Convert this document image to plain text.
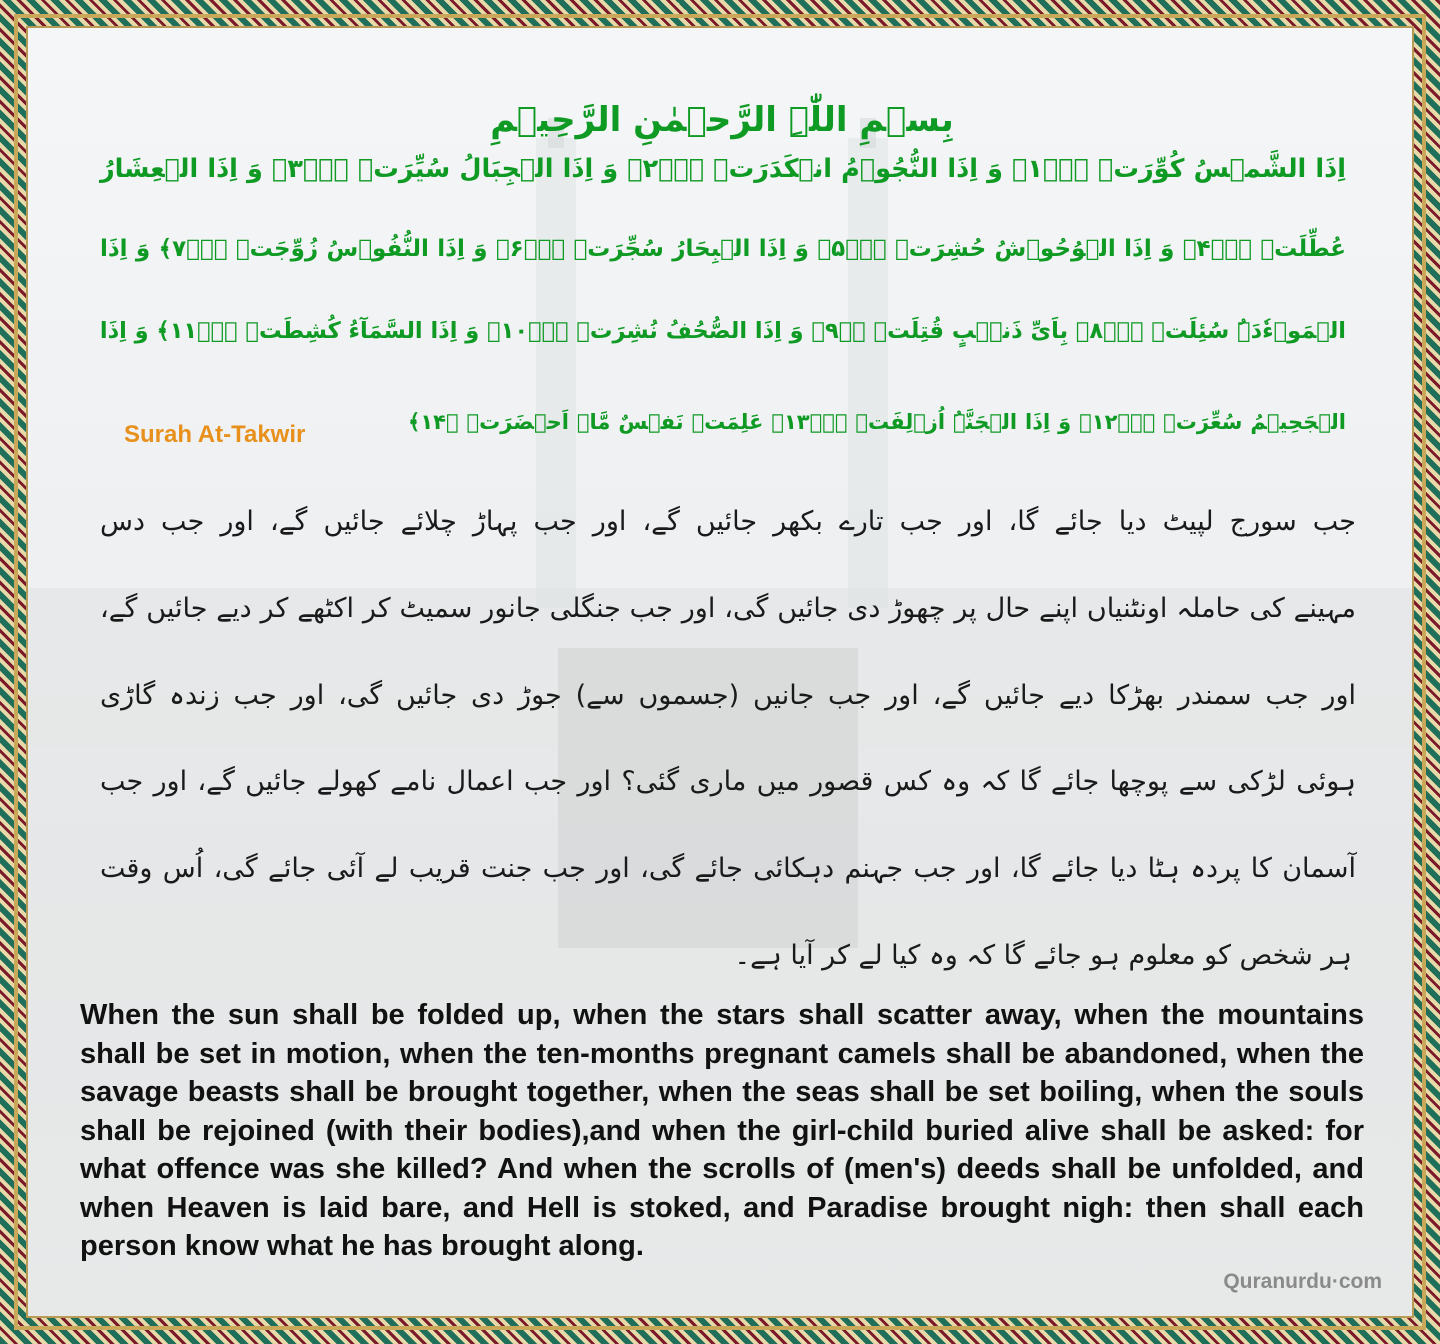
بِسۡمِ اللّٰہِ الرَّحۡمٰنِ الرَّحِیۡمِ
اِذَا الشَّمۡسُ کُوِّرَتۡ ۪ۙ﴿۱﴾ وَ اِذَا النُّجُوۡمُ انۡکَدَرَتۡ ۪ۙ﴿۲﴾ وَ اِذَا الۡجِبَالُ سُیِّرَتۡ ۪ۙ﴿۳﴾ وَ اِذَا الۡعِشَارُ
عُطِّلَتۡ ۪ۙ﴿۴﴾ وَ اِذَا الۡوُحُوۡشُ حُشِرَتۡ ۪ۙ﴿۵﴾ وَ اِذَا الۡبِحَارُ سُجِّرَتۡ ۪ۙ﴿۶﴾ وَ اِذَا النُّفُوۡسُ زُوِّجَتۡ ۪ۙ﴿۷﴾ وَ اِذَا
الۡمَوۡءٗدَۃُ سُئِلَتۡ ۪ۙ﴿۸﴾ بِاَیِّ ذَنۡۢبٍ قُتِلَتۡ ۚ﴿۹﴾ وَ اِذَا الصُّحُفُ نُشِرَتۡ ۪ۙ﴿۱۰﴾ وَ اِذَا السَّمَآءُ کُشِطَتۡ ۪ۙ﴿۱۱﴾ وَ اِذَا
الۡجَحِیۡمُ سُعِّرَتۡ ۪ۙ﴿۱۲﴾ وَ اِذَا الۡجَنَّۃُ اُزۡلِفَتۡ ۪ۙ﴿۱۳﴾ عَلِمَتۡ نَفۡسٌ مَّاۤ اَحۡضَرَتۡ ﴿۱۴﴾
Surah At-Takwir
جب سورج لپیٹ دیا جائے گا، اور جب تارے بکھر جائیں گے، اور جب پہاڑ چلائے جائیں گے، اور جب دس
مہینے کی حاملہ اونٹنیاں اپنے حال پر چھوڑ دی جائیں گی، اور جب جنگلی جانور سمیٹ کر اکٹھے کر دیے جائیں گے،
اور جب سمندر بھڑکا دیے جائیں گے، اور جب جانیں (جسموں سے) جوڑ دی جائیں گی، اور جب زندہ گاڑی
ہوئی لڑکی سے پوچھا جائے گا کہ وہ کس قصور میں ماری گئی؟ اور جب اعمال نامے کھولے جائیں گے، اور جب
آسمان کا پردہ ہٹا دیا جائے گا، اور جب جہنم دہکائی جائے گی، اور جب جنت قریب لے آئی جائے گی، اُس وقت
ہر شخص کو معلوم ہو جائے گا کہ وہ کیا لے کر آیا ہے۔
When the sun shall be folded up, when the stars shall scatter away, when the mountains shall be set in motion, when the ten-months pregnant camels shall be abandoned, when the savage beasts shall be brought together, when the seas shall be set boiling, when the souls shall be rejoined (with their bodies),and when the girl-child buried alive shall be asked: for what offence was she killed? And when the scrolls of (men's) deeds shall be unfolded, and when Heaven is laid bare, and Hell is stoked, and Paradise brought nigh: then shall each person know what he has brought along.
Quranurdu·com
